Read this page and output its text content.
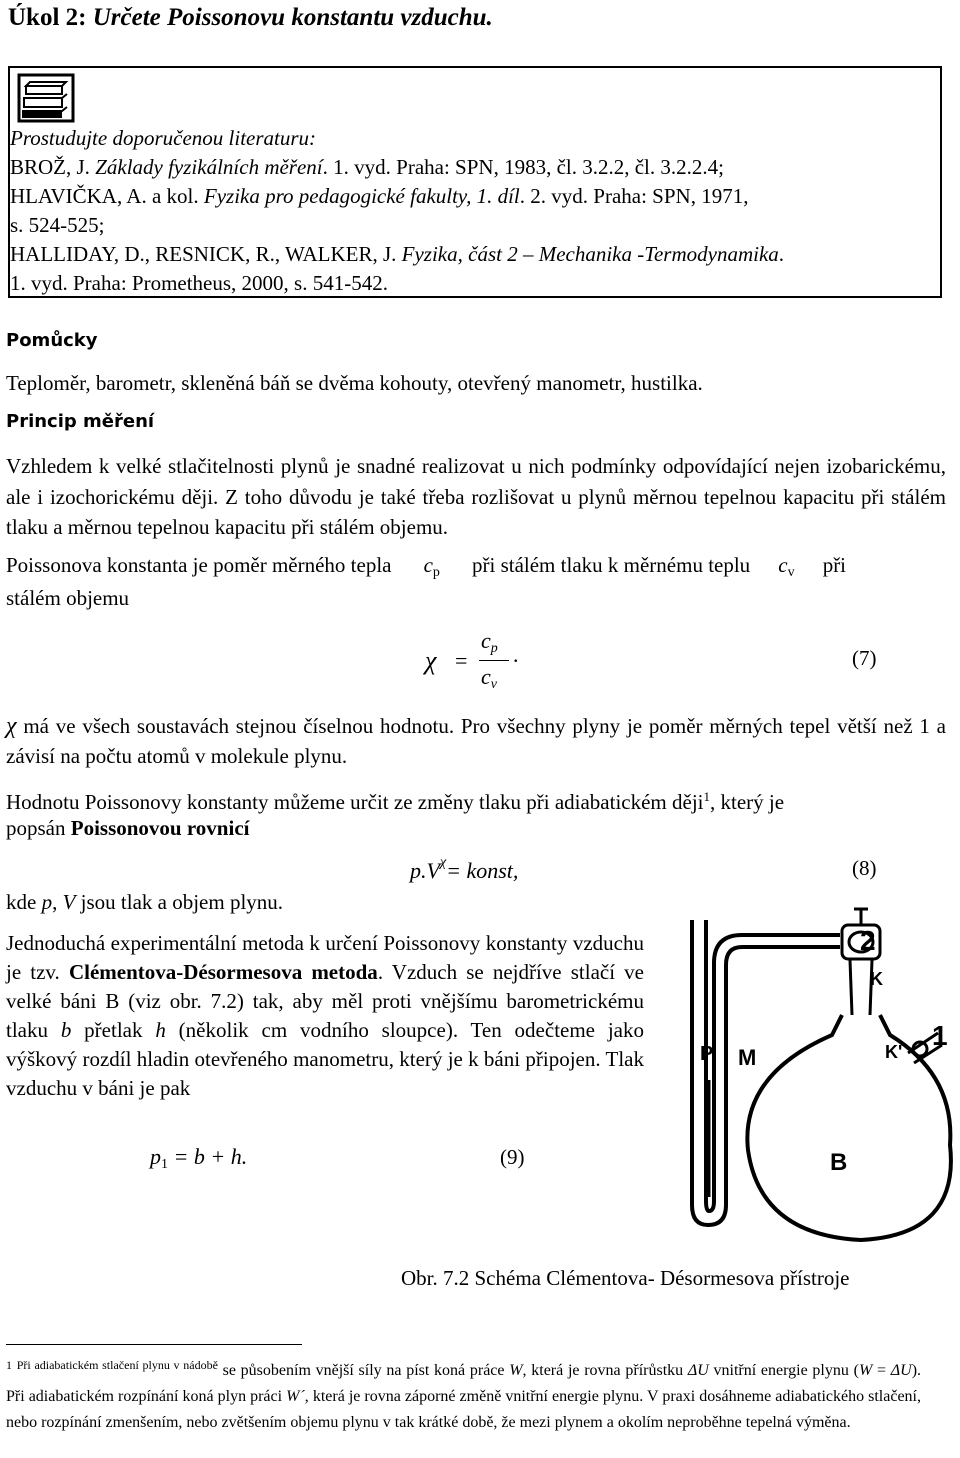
Úkol 2: Určete Poissonovu konstantu vzduchu.
Prostudujte doporučenou literaturu:
BROŽ, J. Základy fyzikálních měření. 1. vyd. Praha: SPN, 1983, čl. 3.2.2, čl. 3.2.2.4;
HLAVIČKA, A. a kol. Fyzika pro pedagogické fakulty, 1. díl. 2. vyd. Praha: SPN, 1971,
s. 524-525;
HALLIDAY, D., RESNICK, R., WALKER, J. Fyzika, část 2 – Mechanika -Termodynamika.
1. vyd. Praha: Prometheus, 2000, s. 541-542.
Pomůcky
Teploměr, barometr, skleněná báň se dvěma kohouty, otevřený manometr, hustilka.
Princip měření
Vzhledem k velké stlačitelnosti plynů je snadné realizovat u nich podmínky odpovídající nejen izobarickému, ale i izochorickému ději. Z toho důvodu je také třeba rozlišovat u plynů měrnou tepelnou kapacitu při stálém tlaku a měrnou tepelnou kapacitu při stálém objemu.
Poissonova konstanta je poměr měrného tepla $c_p$ při stálém tlaku k měrnému teplu $c_v$ při
stálém objemu
χ =
$c_p$
$c_v$
.	(7)
χ má ve všech soustavách stejnou číselnou hodnotu. Pro všechny plyny je poměr měrných tepel větší než 1 a závisí na počtu atomů v molekule plynu.
Hodnotu Poissonovy konstanty můžeme určit ze změny tlaku při adiabatickém ději$^1$, který je
popsán Poissonovou rovnicí
$p.V^\chi=$ konst,	(8)
kde p, V jsou tlak a objem plynu.
Jednoduchá experimentální metoda k určení Poissonovy konstanty vzduchu je tzv. Clémentova-Désormesova metoda. Vzduch se nejdříve stlačí ve velké báni B (viz obr. 7.2) tak, aby měl proti vnějšímu barometrickému tlaku b přetlak h (několik cm vodního sloupce). Ten odečteme jako výškový rozdíl hladin otevřeného manometru, který je k báni připojen. Tlak vzduchu v báni je pak
$p_1 = b + h$.	(9)
2
K
1
K'
M
P
B
Obr. 7.2 Schéma Clémentova- Désormesova přístroje
$^1$ $^{Při adiabatickém stlačení plynu v nádobě}$ se působením vnější síly na píst koná práce W, která je rovna přírůstku ΔU vnitřní energie plynu (W = ΔU). Při adiabatickém rozpínání koná plyn práci W´, která je rovna záporné změně vnitřní energie plynu. V praxi dosáhneme adiabatického stlačení, nebo rozpínání zmenšením, nebo zvětšením objemu plynu v tak krátké době, že mezi plynem a okolím neproběhne tepelná výměna.
